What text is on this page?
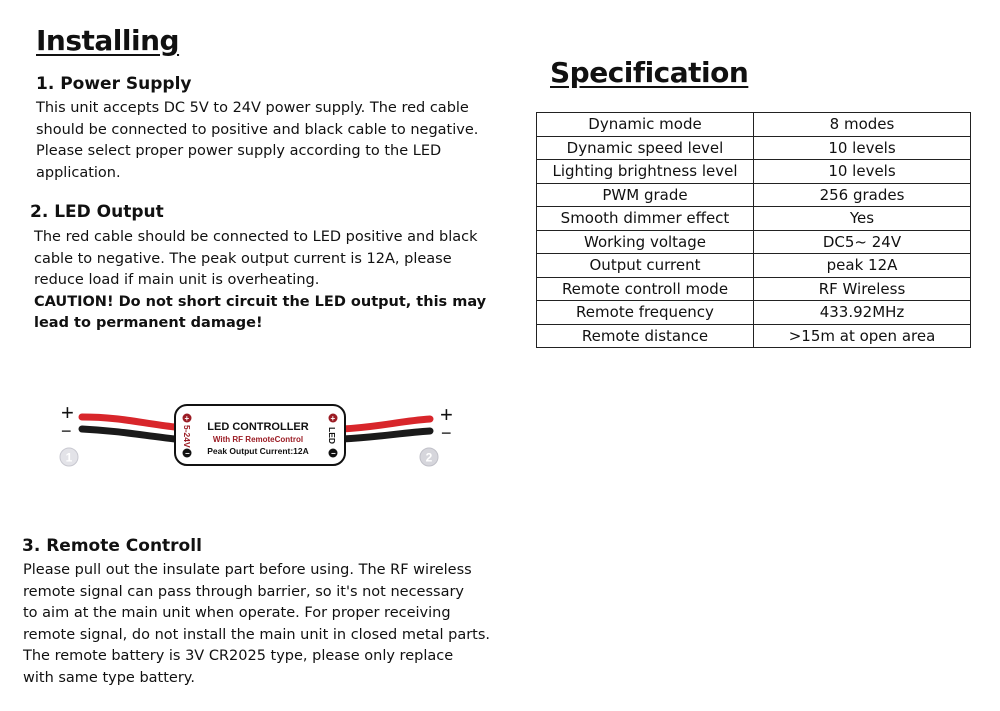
Installing
1. Power Supply
This unit accepts DC 5V to 24V power supply. The red cable
should be connected to positive and black cable to negative.
Please select proper power supply according to the LED
application.
2. LED Output
The red cable should be connected to LED positive and black
cable to negative. The peak output current is 12A, please
reduce load if main unit is overheating.
CAUTION! Do not short circuit the LED output, this may
lead to permanent damage!
+
−
5-24V
+
−
LED
LED CONTROLLER
With RF RemoteControl
Peak Output Current:12A
+
−
+
−
1	2
3. Remote Controll
Please pull out the insulate part before using. The RF wireless
remote signal can pass through barrier, so it's not necessary
to aim at the main unit when operate. For proper receiving
remote signal, do not install the main unit in closed metal parts.
The remote battery is 3V CR2025 type, please only replace
with same type battery.
Specification
Dynamic mode	8 modes
Dynamic speed level	10 levels
Lighting brightness level	10 levels
PWM grade	256 grades
Smooth dimmer effect	Yes
Working voltage	DC5~ 24V
Output current	peak 12A
Remote controll mode	RF Wireless
Remote frequency	433.92MHz
Remote distance	>15m at open area
